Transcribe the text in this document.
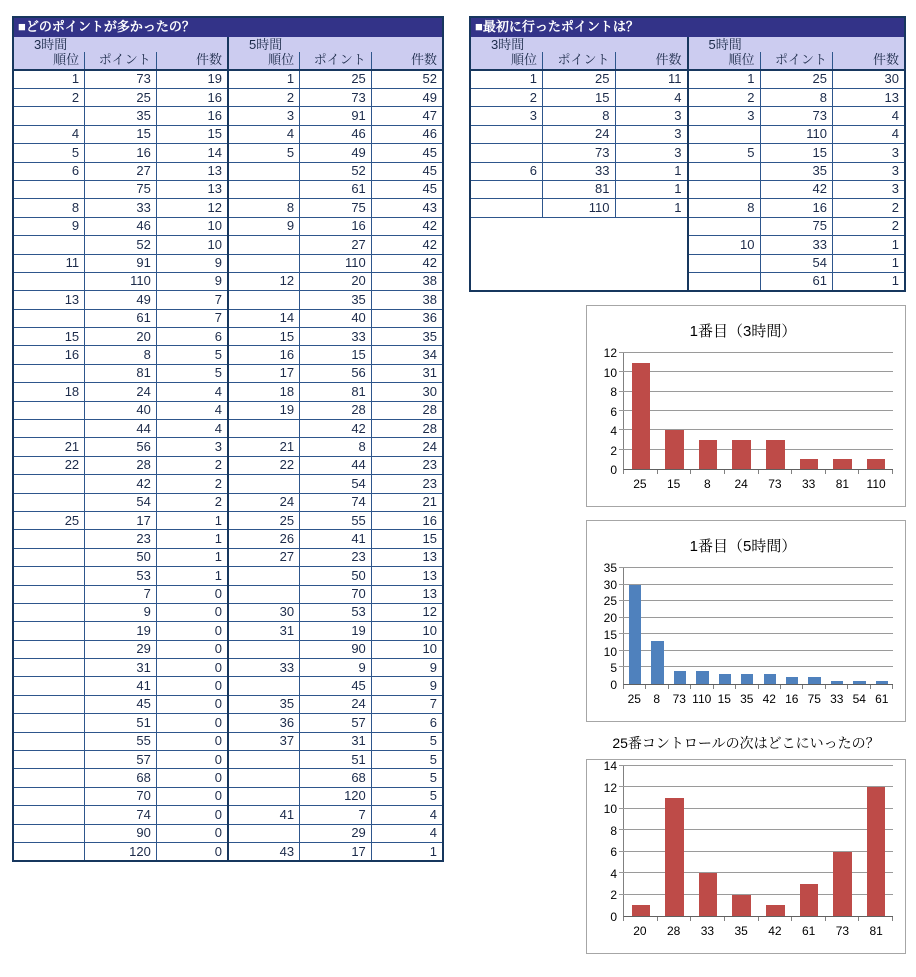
■どのポイントが多かったの？					
3時間			5時間		
順位	ポイント	件数	順位	ポイント	件数
1	73	19	1	25	52
2	25	16	2	73	49
	35	16	3	91	47
4	15	15	4	46	46
5	16	14	5	49	45
6	27	13		52	45
	75	13		61	45
8	33	12	8	75	43
9	46	10	9	16	42
	52	10		27	42
11	91	9		110	42
	110	9	12	20	38
13	49	7		35	38
	61	7	14	40	36
15	20	6	15	33	35
16	8	5	16	15	34
	81	5	17	56	31
18	24	4	18	81	30
	40	4	19	28	28
	44	4		42	28
21	56	3	21	8	24
22	28	2	22	44	23
	42	2		54	23
	54	2	24	74	21
25	17	1	25	55	16
	23	1	26	41	15
	50	1	27	23	13
	53	1		50	13
	7	0		70	13
	9	0	30	53	12
	19	0	31	19	10
	29	0		90	10
	31	0	33	9	9
	41	0		45	9
	45	0	35	24	7
	51	0	36	57	6
	55	0	37	31	5
	57	0		51	5
	68	0		68	5
	70	0		120	5
	74	0	41	7	4
	90	0		29	4
	120	0	43	17	1
■最初に行ったポイントは？					
3時間			5時間		
順位	ポイント	件数	順位	ポイント	件数
1	25	11	1	25	30
2	15	4	2	8	13
3	8	3	3	73	4
	24	3		110	4
	73	3	5	15	3
6	33	1		35	3
	81	1		42	3
	110	1	8	16	2
				75	2
			10	33	1
				54	1
				61	1
1番目（3時間）
0
2
4
6
8
10
12
25	15	8	24	73	33	81	110
1番目（5時間）
0
5
10
15
20
25
30
35
25	8	73 110 15 35 42 16 75 33 54 61
25番コントロールの次はどこにいったの？
0
2
4
6
8
10
12
14
20	28	33	35	42	61	73	81
